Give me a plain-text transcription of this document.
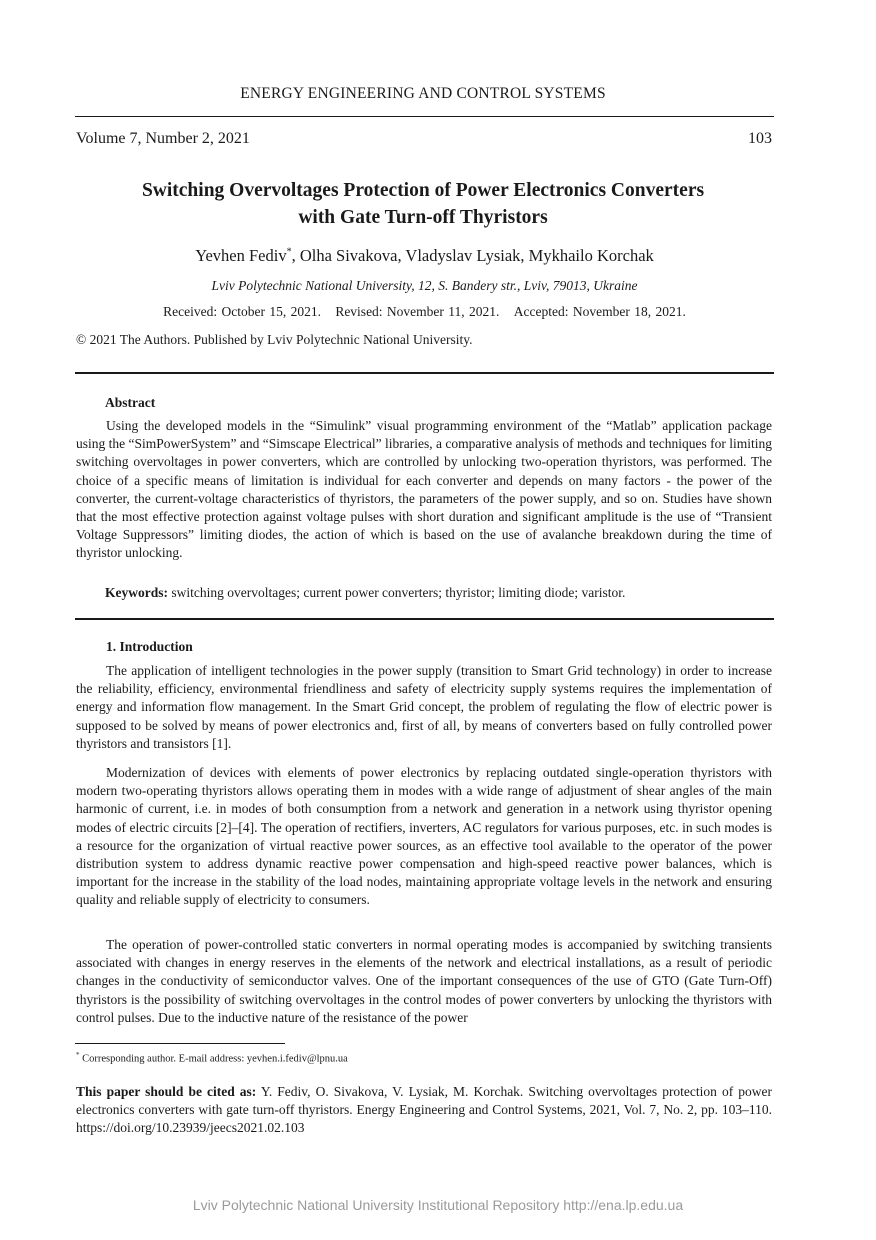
ENERGY ENGINEERING AND CONTROL SYSTEMS
Volume 7, Number 2, 2021	103
Switching Overvoltages Protection of Power Electronics Converters
with Gate Turn-off Thyristors
Yevhen Fediv*, Olha Sivakova, Vladyslav Lysiak, Mykhailo Korchak
Lviv Polytechnic National University, 12, S. Bandery str., Lviv, 79013, Ukraine
Received: October 15, 2021. Revised: November 11, 2021. Accepted: November 18, 2021.
© 2021 The Authors. Published by Lviv Polytechnic National University.
Abstract

Using the developed models in the “Simulink” visual programming environment of the “Matlab” application package using the “SimPowerSystem” and “Simscape Electrical” libraries, a comparative analysis of methods and techniques for limiting switching overvoltages in power converters, which are controlled by unlocking two-operation thyristors, was performed. The choice of a specific means of limitation is individual for each converter and depends on many factors - the power of the converter, the current-voltage characteristics of thyristors, the parameters of the power supply, and so on. Studies have shown that the most effective protection against voltage pulses with short duration and significant amplitude is the use of “Transient Voltage Suppressors” limiting diodes, the action of which is based on the use of avalanche breakdown during the time of thyristor unlocking.

Keywords: switching overvoltages; current power converters; thyristor; limiting diode; varistor.
1. Introduction

The application of intelligent technologies in the power supply (transition to Smart Grid technology) in order to increase the reliability, efficiency, environmental friendliness and safety of electricity supply systems requires the implementation of energy and information flow management. In the Smart Grid concept, the problem of regulating the flow of electric power is supposed to be solved by means of power electronics and, first of all, by means of converters based on fully controlled power thyristors and transistors [1].

Modernization of devices with elements of power electronics by replacing outdated single-operation thyristors with modern two-operating thyristors allows operating them in modes with a wide range of adjustment of shear angles of the main harmonic of current, i.e. in modes of both consumption from a network and generation in a network using thyristor opening modes of electric circuits [2]–[4]. The operation of rectifiers, inverters, AC regulators for various purposes, etc. in such modes is a resource for the organization of virtual reactive power sources, as an effective tool available to the operator of the power distribution system to address dynamic reactive power compensation and high-speed reactive power balances, which is important for the increase in the stability of the load nodes, maintaining appropriate voltage levels in the network and ensuring quality and reliable supply of electricity to consumers.

The operation of power-controlled static converters in normal operating modes is accompanied by switching transients associated with changes in energy reserves in the elements of the network and electrical installations, as a result of periodic changes in the conductivity of semiconductor valves. One of the important consequences of the use of GTO (Gate Turn-Off) thyristors is the possibility of switching overvoltages in the control modes of power converters by unlocking the thyristors with control pulses. Due to the inductive nature of the resistance of the power

* Corresponding author. E-mail address: yevhen.i.fediv@lpnu.ua

This paper should be cited as: Y. Fediv, O. Sivakova, V. Lysiak, M. Korchak. Switching overvoltages protection of power electronics converters with gate turn-off thyristors. Energy Engineering and Control Systems, 2021, Vol. 7, No. 2, pp. 103–110. https://doi.org/10.23939/jeecs2021.02.103

Lviv Polytechnic National University Institutional Repository http://ena.lp.edu.ua
